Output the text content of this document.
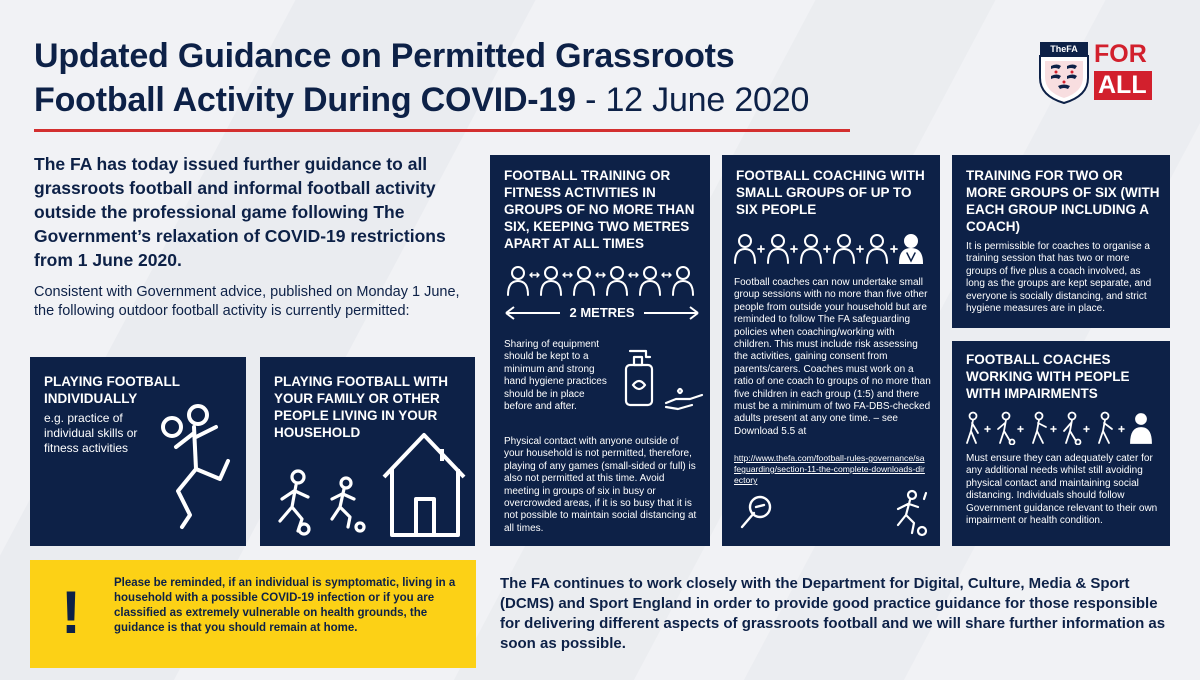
Updated Guidance on Permitted Grassroots
Football Activity During COVID-19 - 12 June 2020
TheFA FOR
ALL
The FA has today issued further guidance to all grassroots football and informal football activity outside the professional game following The Government’s relaxation of COVID-19 restrictions from 1 June 2020.
Consistent with Government advice, published on Monday 1 June, the following outdoor football activity is currently permitted:
PLAYING FOOTBALL INDIVIDUALLY
e.g. practice of individual skills or fitness activities
PLAYING FOOTBALL WITH YOUR FAMILY OR OTHER PEOPLE LIVING IN YOUR HOUSEHOLD
FOOTBALL TRAINING OR FITNESS ACTIVITIES IN GROUPS OF NO MORE THAN SIX, KEEPING TWO METRES APART AT ALL TIMES
2 METRES
Sharing of equipment should be kept to a minimum and strong hand hygiene practices should be in place before and after.
Physical contact with anyone outside of your household is not permitted, therefore, playing of any games (small-sided or full) is also not permitted at this time. Avoid meeting in groups of six in busy or overcrowded areas, if it is so busy that it is not possible to maintain social distancing at all times.
FOOTBALL COACHING WITH SMALL GROUPS OF UP TO SIX PEOPLE
Football coaches can now undertake small group sessions with no more than five other people from outside your household but are reminded to follow The FA safeguarding policies when coaching/working with children. This must include risk assessing the activities, gaining consent from parents/carers. Coaches must work on a ratio of one coach to groups of no more than five children in each group (1:5) and there must be a minimum of two FA-DBS-checked adults present at any one time. – see Download 5.5 at
http://www.thefa.com/football-rules-governance/safeguarding/section-11-the-complete-downloads-directory
TRAINING FOR TWO OR MORE GROUPS OF SIX (WITH EACH GROUP INCLUDING A COACH)
It is permissible for coaches to organise a training session that has two or more groups of five plus a coach involved, as long as the groups are kept separate, and everyone is socially distancing, and strict hygiene measures are in place.
FOOTBALL COACHES WORKING WITH PEOPLE WITH IMPAIRMENTS
Must ensure they can adequately cater for any additional needs whilst still avoiding physical contact and maintaining social distancing. Individuals should follow Government guidance relevant to their own impairment or health condition.
!	Please be reminded, if an individual is symptomatic, living in a household with a possible COVID-19 infection or if you are classified as extremely vulnerable on health grounds, the guidance is that you should remain at home.
The FA continues to work closely with the Department for Digital, Culture, Media & Sport (DCMS) and Sport England in order to provide good practice guidance for those responsible for delivering different aspects of grassroots football and we will share further information as soon as possible.
